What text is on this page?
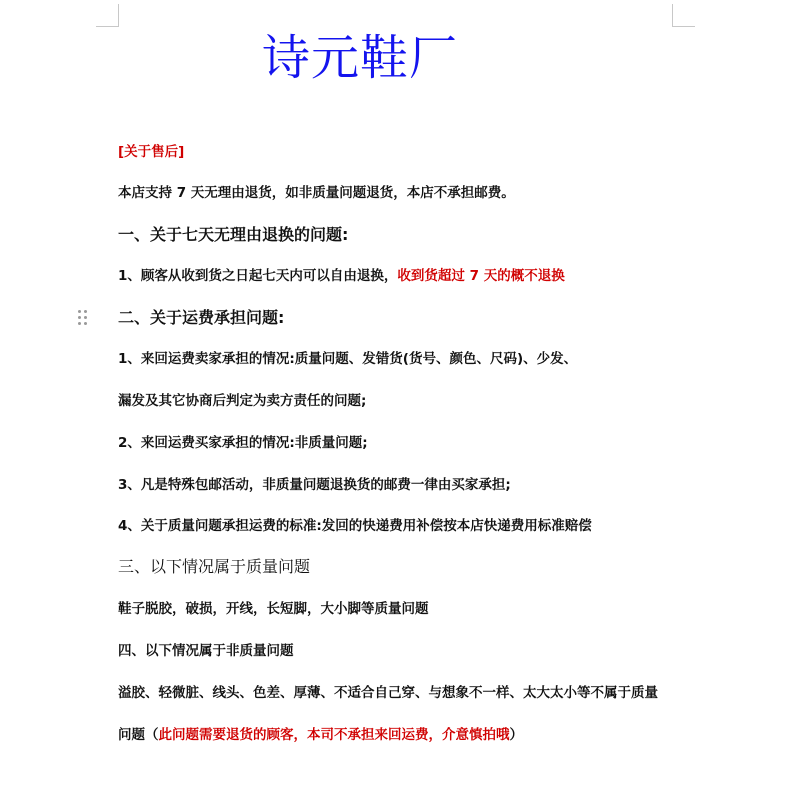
诗元鞋厂
[关于售后]
本店支持 7 天无理由退货，如非质量问题退货，本店不承担邮费。
一、关于七天无理由退换的问题:
1、顾客从收到货之日起七天内可以自由退换，收到货超过 7 天的概不退换
二、关于运费承担问题:
1、来回运费卖家承担的情况:质量问题、发错货(货号、颜色、尺码)、少发、
漏发及其它协商后判定为卖方责任的问题;
2、来回运费买家承担的情况:非质量问题;
3、凡是特殊包邮活动，非质量问题退换货的邮费一律由买家承担;
4、关于质量问题承担运费的标准:发回的快递费用补偿按本店快递费用标准赔偿
三、以下情况属于质量问题
鞋子脱胶，破损，开线，长短脚，大小脚等质量问题
四、以下情况属于非质量问题
溢胶、轻微脏、线头、色差、厚薄、不适合自己穿、与想象不一样、太大太小等不属于质量
问题（此问题需要退货的顾客，本司不承担来回运费，介意慎拍哦）
